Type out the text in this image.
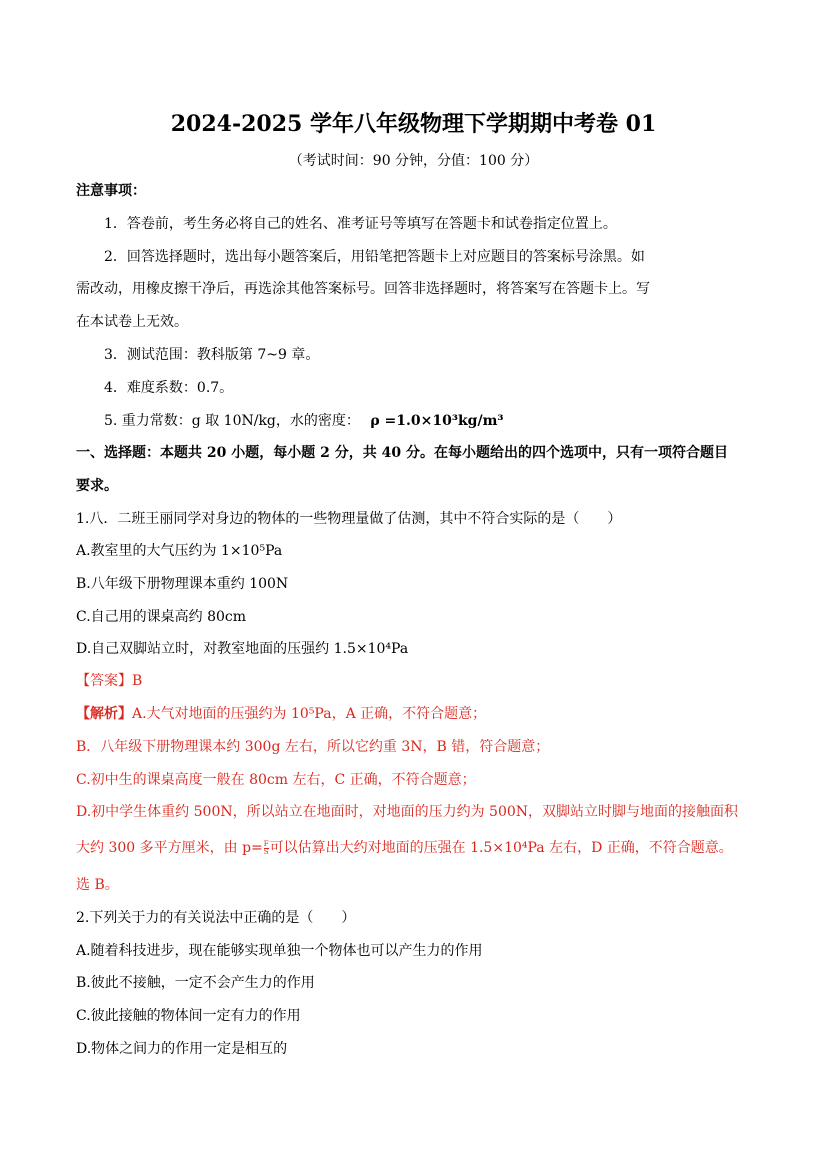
2024-2025 学年八年级物理下学期期中考卷 01
（考试时间：90 分钟，分值：100 分）
注意事项：
1．答卷前，考生务必将自己的姓名、准考证号等填写在答题卡和试卷指定位置上。
2．回答选择题时，选出每小题答案后，用铅笔把答题卡上对应题目的答案标号涂黑。如
需改动，用橡皮擦干净后，再选涂其他答案标号。回答非选择题时，将答案写在答题卡上。写
在本试卷上无效。
3．测试范围：教科版第 7~9 章。
4．难度系数：0.7。
5. 重力常数：g 取 10N/kg，水的密度： ρ =1.0×10³kg/m³
一、选择题：本题共 20 小题，每小题 2 分，共 40 分。在每小题给出的四个选项中，只有一项符合题目
要求。
1.八．二班王丽同学对身边的物体的一些物理量做了估测，其中不符合实际的是（　　）
A.教室里的大气压约为 1×10⁵Pa
B.八年级下册物理课本重约 100N
C.自己用的课桌高约 80cm
D.自己双脚站立时，对教室地面的压强约 1.5×10⁴Pa
【答案】B
【解析】A.大气对地面的压强约为 10⁵Pa，A 正确，不符合题意；
B．八年级下册物理课本约 300g 左右，所以它约重 3N，B 错，符合题意；
C.初中生的课桌高度一般在 80cm 左右，C 正确，不符合题意；
D.初中学生体重约 500N，所以站立在地面时，对地面的压力约为 500N，双脚站立时脚与地面的接触面积
大约 300 多平方厘米，由 $p= \frac{F}{S}$ 可以估算出大约对地面的压强在 1.5×10⁴Pa 左右，D 正确，不符合题意。
选 B。
2.下列关于力的有关说法中正确的是（　　）
A.随着科技进步，现在能够实现单独一个物体也可以产生力的作用
B.彼此不接触，一定不会产生力的作用
C.彼此接触的物体间一定有力的作用
D.物体之间力的作用一定是相互的
